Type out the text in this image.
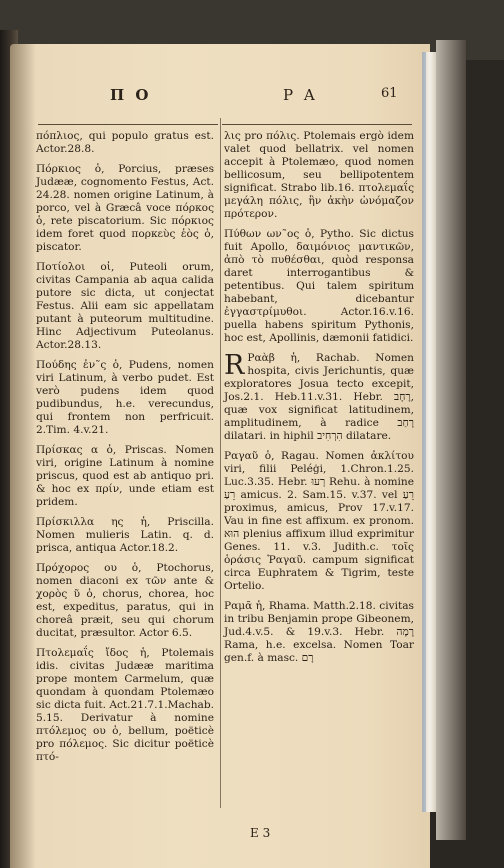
Π Ο	P A	61

πόπλιος, qui populo gratus est. Actor.28.8.

Πόρκιος ὁ, Porcius, præses Judææ, cognomento Festus, Act. 24.28. nomen origine Latinum, à porco, vel à Græcâ voce πόρκος ὁ, rete piscatorium. Sic πόρκιος idem foret quod πορκεὺς ἑὸς ὁ, piscator.

Ποτίολοι οἱ, Puteoli orum, civitas Campania ab aqua calida putore sic dicta, ut conjectat Festus. Alii eam sic appellatam putant à puteorum multitudine. Hinc Adjectivum Puteolanus. Actor.28.13.

Πούδης ἐν῀ς ὁ, Pudens, nomen viri Latinum, à verbo pudet. Est verò pudens idem quod pudibundus, h.e. verecundus, qui frontem non perfricuit. 2.Tim. 4.v.21.

Πρίσκας α ὁ, Priscas. Nomen viri, origine Latinum à nomine priscus, quod est ab antiquo pri. & hoc ex πρίν, unde etiam est pridem.

Πρίσκιλλα ης ἡ, Priscilla. Nomen mulieris Latin. q. d. prisca, antiqua Actor.18.2.

Πρόχορος ου ὁ, Ptochorus, nomen diaconi ex τῶν ante & χορὸς ῦ ὁ, chorus, chorea, hoc est, expeditus, paratus, qui in choreâ præit, seu qui chorum ducitat, præsultor. Actor 6.5.

Πτολεμαΐς ἴδος ἡ, Ptolemais idis. civitas Judææ maritima prope montem Carmelum, quæ quondam à quondam Ptolemæo sic dicta fuit. Act.21.7.1.Machab. 5.15. Derivatur à nomine πτόλεμος ου ὁ, bellum, poëticè pro πόλεμος. Sic dicitur poëticè πτό-

λις pro πόλις. Ptolemais ergò idem valet quod bellatrix. vel nomen accepit à Ptolemæo, quod nomen bellicosum, seu bellipotentem significat. Strabo lib.16. πτολεμαΐς μεγάλη πόλις, ἣν ἀκὴν ὠνόμαζον πρότερον.

Πύθων ων῀ος ὁ, Pytho. Sic dictus fuit Apollo, δαιμόνιος μαντικῶν, ἀπὸ τὸ πυθέσθαι, quòd responsa daret interrogantibus & petentibus. Qui talem spiritum habebant, dicebantur ἐγγαστρίμυθοι. Actor.16.v.16. puella habens spiritum Pythonis, hoc est, Apollinis, dæmonii fatidici.

R Ραὰβ ἡ, Rachab. Nomen hospita, civis Jerichuntis, quæ exploratores Josua tecto excepit, Jos.2.1. Heb.11.v.31. Hebr. רָחָב, quæ vox significat latitudinem, amplitudinem, à radice רָחַב dilatari. in hiphil הִרְחִיב dilatare.

Ραγαῦ ὁ, Ragau. Nomen ἀκλίτου viri, filii Peléġi, 1.Chron.1.25. Luc.3.35. Hebr. רְעוּ Rehu. à nomine רֵעַ amicus. 2. Sam.15. v.37. vel רֵעַ proximus, amicus, Prov 17.v.17. Vau in fine est affixum. ex pronom. הוּא plenius affixum illud exprimitur Genes. 11. v.3. Judith.c. τοῖς ὁράσις Ῥαγαῦ. campum significat circa Euphratem & Tigrim, teste Ortelio.

Ραμᾶ ἡ, Rhama. Matth.2.18. civitas in tribu Benjamin prope Gibeonem, Jud.4.v.5. & 19.v.3. Hebr. רָמָה Rama, h.e. excelsa. Nomen Toar gen.f. à masc. רָם

E 3
